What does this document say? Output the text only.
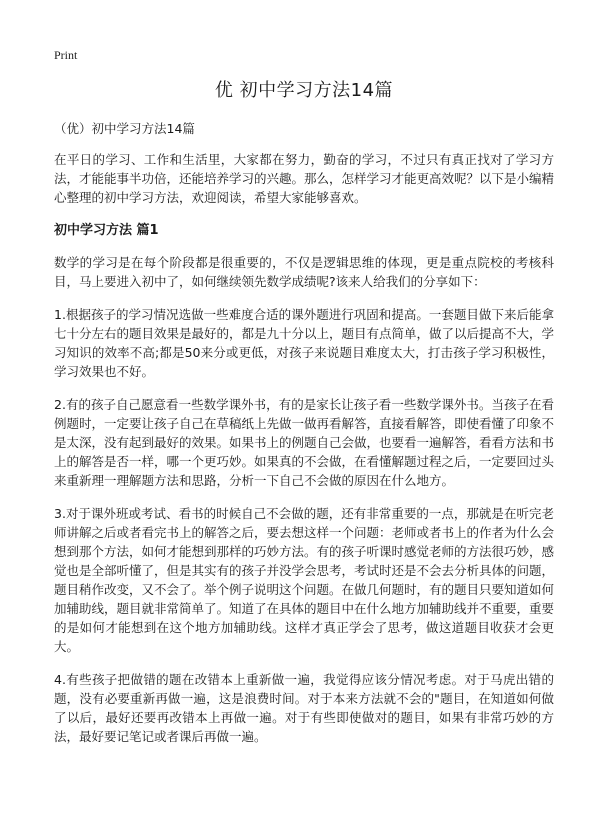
Print
优 初中学习方法14篇

（优）初中学习方法14篇

在平日的学习、工作和生活里，大家都在努力，勤奋的学习，不过只有真正找对了学习方法，才能能事半功倍，还能培养学习的兴趣。那么，怎样学习才能更高效呢？以下是小编精心整理的初中学习方法，欢迎阅读，希望大家能够喜欢。

初中学习方法 篇1

数学的学习是在每个阶段都是很重要的，不仅是逻辑思维的体现，更是重点院校的考核科目，马上要进入初中了，如何继续领先数学成绩呢?该来人给我们的分享如下：

1.根据孩子的学习情况选做一些难度合适的课外题进行巩固和提高。一套题目做下来后能拿七十分左右的题目效果是最好的，都是九十分以上，题目有点简单，做了以后提高不大，学习知识的效率不高;都是50来分或更低，对孩子来说题目难度太大，打击孩子学习积极性，学习效果也不好。

2.有的孩子自己愿意看一些数学课外书，有的是家长让孩子看一些数学课外书。当孩子在看例题时，一定要让孩子自己在草稿纸上先做一做再看解答，直接看解答，即使看懂了印象不是太深，没有起到最好的效果。如果书上的例题自己会做，也要看一遍解答，看看方法和书上的解答是否一样，哪一个更巧妙。如果真的不会做，在看懂解题过程之后，一定要回过头来重新理一理解题方法和思路，分析一下自己不会做的原因在什么地方。

3.对于课外班或考试、看书的时候自己不会做的题，还有非常重要的一点，那就是在听完老师讲解之后或者看完书上的解答之后，要去想这样一个问题：老师或者书上的作者为什么会想到那个方法，如何才能想到那样的巧妙方法。有的孩子听课时感觉老师的方法很巧妙，感觉也是全部听懂了，但是其实有的孩子并没学会思考，考试时还是不会去分析具体的问题，题目稍作改变，又不会了。举个例子说明这个问题。在做几何题时，有的题目只要知道如何加辅助线，题目就非常简单了。知道了在具体的题目中在什么地方加辅助线并不重要，重要的是如何才能想到在这个地方加辅助线。这样才真正学会了思考，做这道题目收获才会更大。

4.有些孩子把做错的题在改错本上重新做一遍，我觉得应该分情况考虑。对于马虎出错的题，没有必要重新再做一遍，这是浪费时间。对于本来方法就不会的"题目，在知道如何做了以后，最好还要再改错本上再做一遍。对于有些即使做对的题目，如果有非常巧妙的方法，最好要记笔记或者课后再做一遍。
